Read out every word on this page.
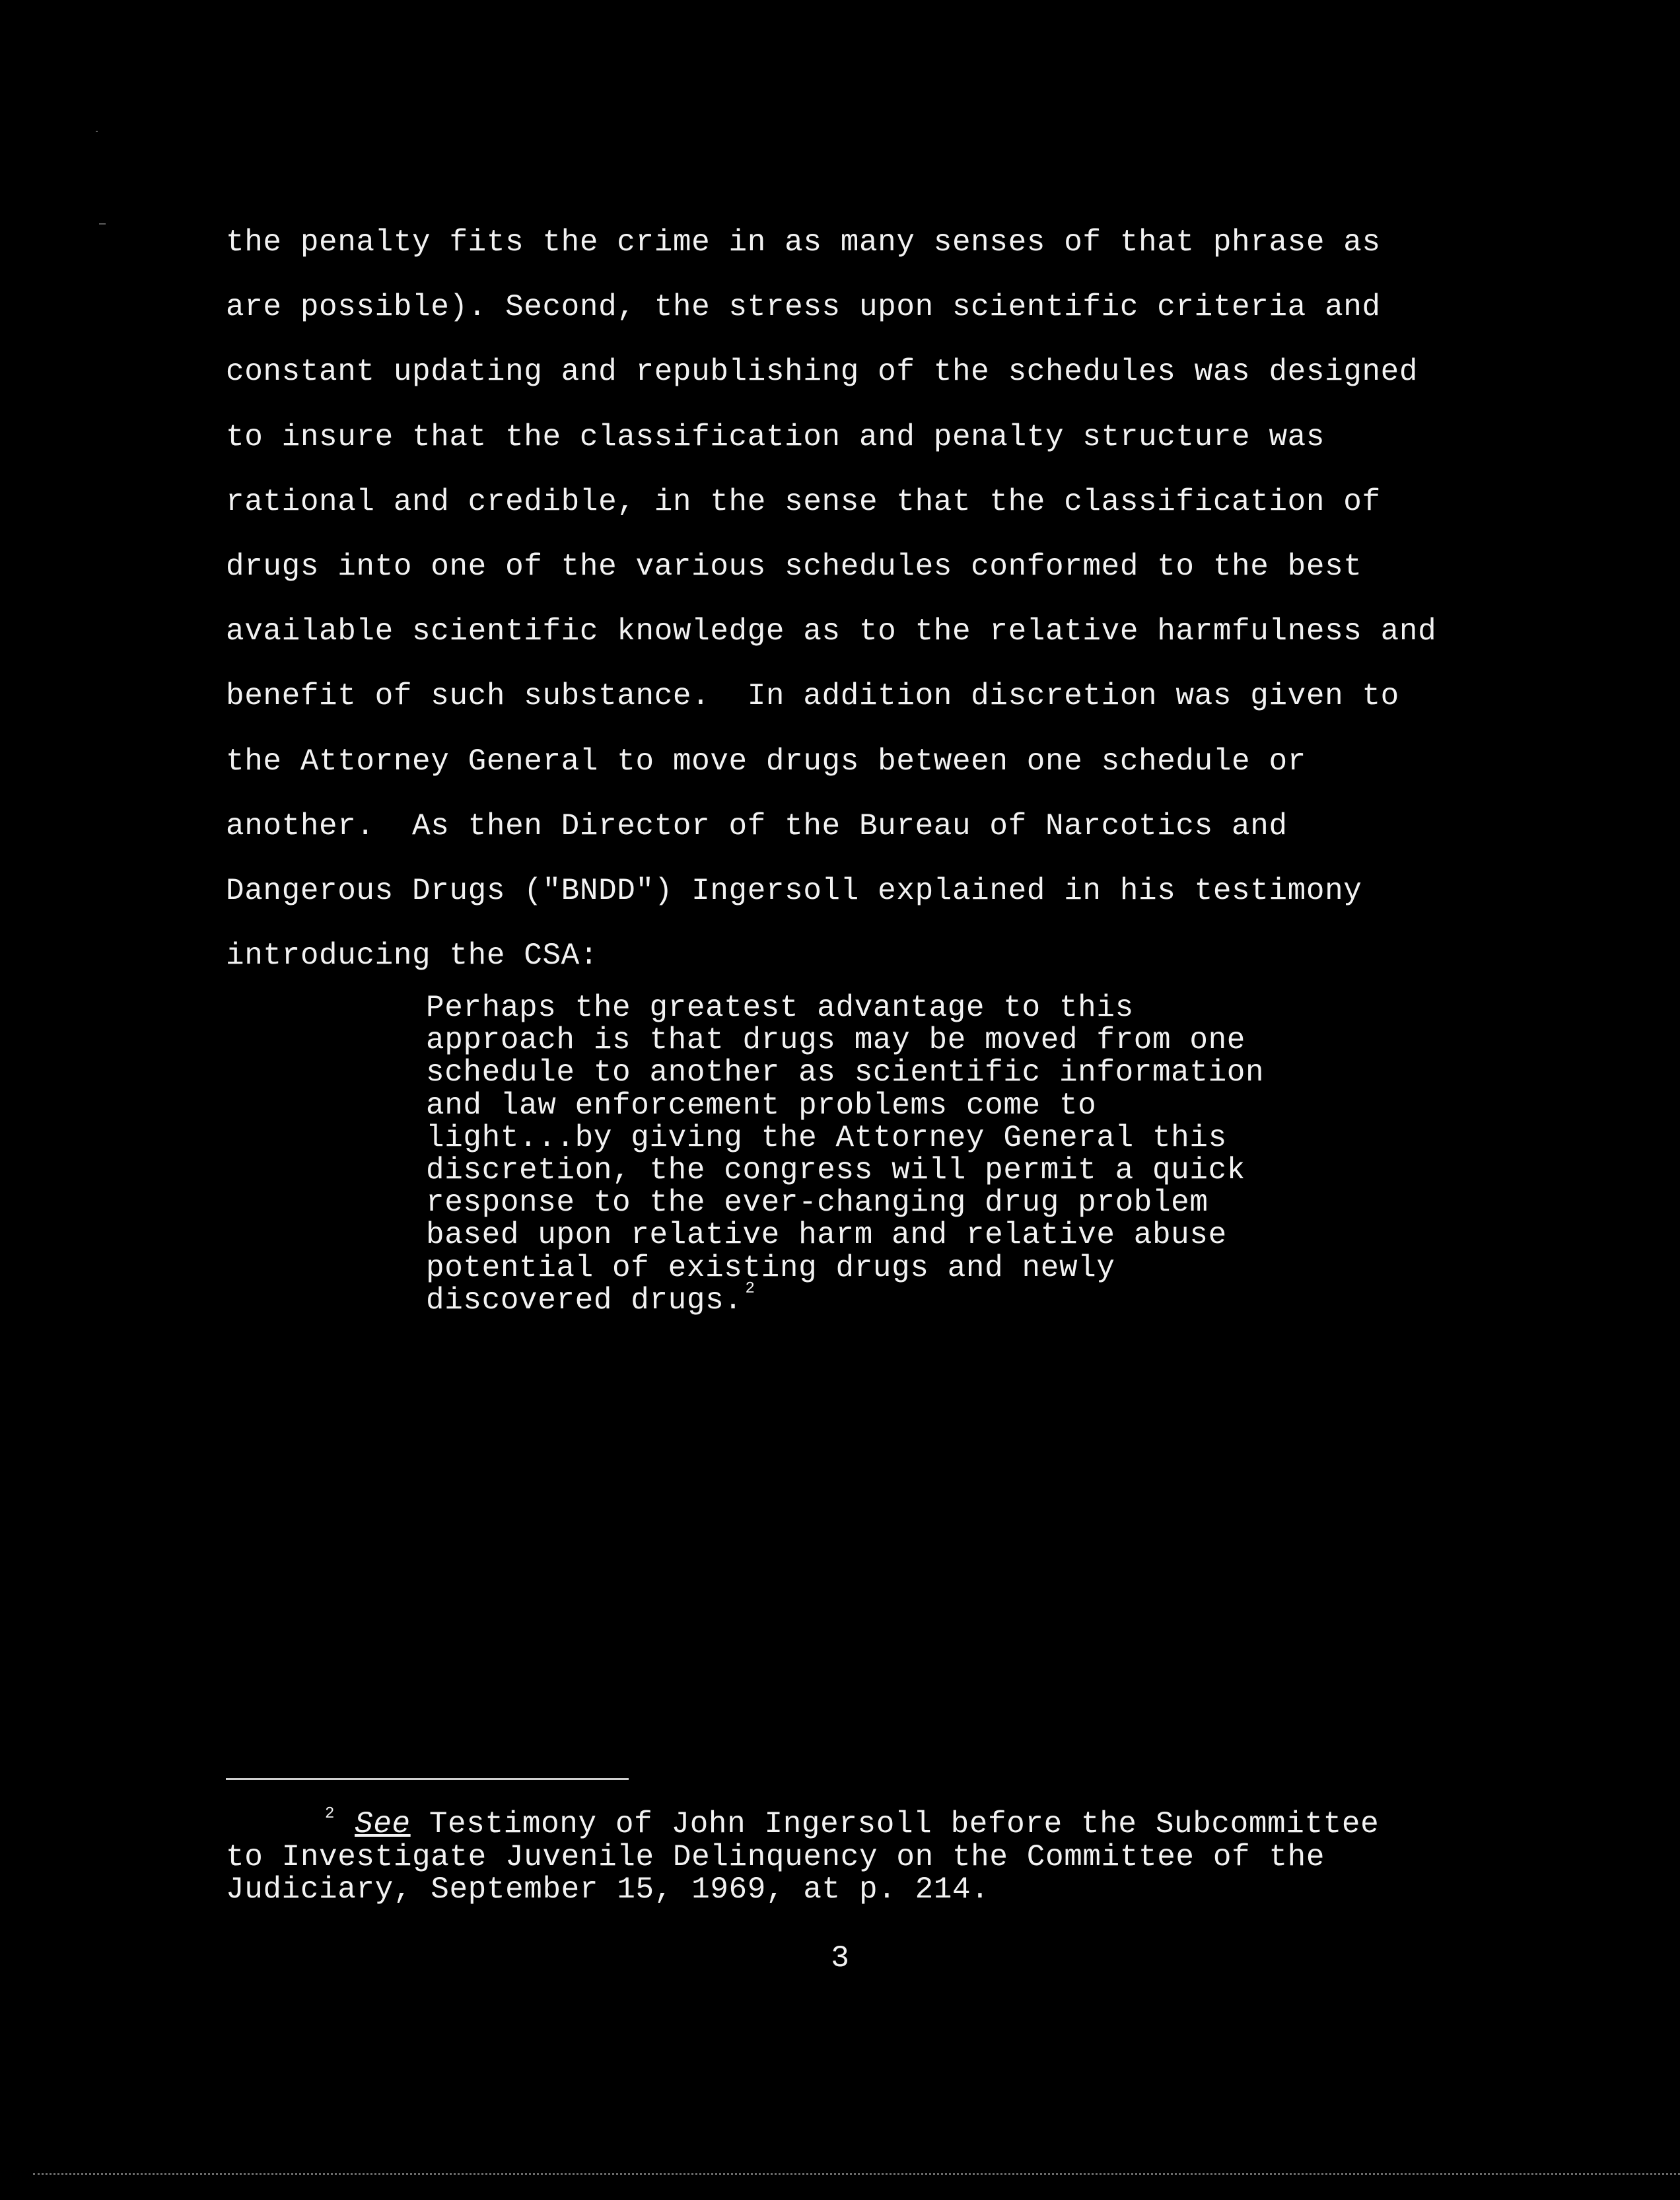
the penalty fits the crime in as many senses of that phrase as
are possible). Second, the stress upon scientific criteria and
constant updating and republishing of the schedules was designed
to insure that the classification and penalty structure was
rational and credible, in the sense that the classification of
drugs into one of the various schedules conformed to the best
available scientific knowledge as to the relative harmfulness and
benefit of such substance.  In addition discretion was given to
the Attorney General to move drugs between one schedule or
another.  As then Director of the Bureau of Narcotics and
Dangerous Drugs ("BNDD") Ingersoll explained in his testimony
introducing the CSA:
Perhaps the greatest advantage to this
approach is that drugs may be moved from one
schedule to another as scientific information
and law enforcement problems come to
light...by giving the Attorney General this
discretion, the congress will permit a quick
response to the ever-changing drug problem
based upon relative harm and relative abuse
potential of existing drugs and newly
discovered drugs. $^2$
$^2$ See Testimony of John Ingersoll before the Subcommittee
to Investigate Juvenile Delinquency on the Committee of the
Judiciary, September 15, 1969, at p. 214.
3
